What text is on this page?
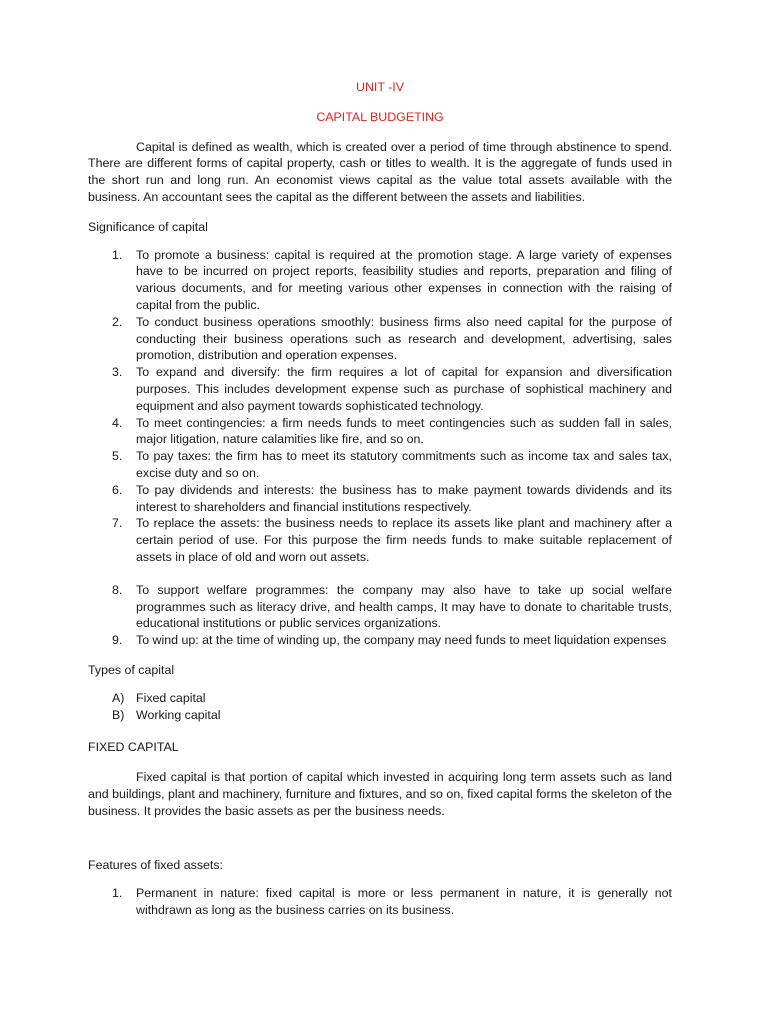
UNIT -IV

CAPITAL BUDGETING

Capital is defined as wealth, which is created over a period of time through abstinence to spend. There are different forms of capital property, cash or titles to wealth. It is the aggregate of funds used in the short run and long run. An economist views capital as the value total assets available with the business. An accountant sees the capital as the different between the assets and liabilities.

Significance of capital

1. To promote a business: capital is required at the promotion stage. A large variety of expenses have to be incurred on project reports, feasibility studies and reports, preparation and filing of various documents, and for meeting various other expenses in connection with the raising of capital from the public.
2. To conduct business operations smoothly: business firms also need capital for the purpose of conducting their business operations such as research and development, advertising, sales promotion, distribution and operation expenses.
3. To expand and diversify: the firm requires a lot of capital for expansion and diversification purposes. This includes development expense such as purchase of sophistical machinery and equipment and also payment towards sophisticated technology.
4. To meet contingencies: a firm needs funds to meet contingencies such as sudden fall in sales, major litigation, nature calamities like fire, and so on.
5. To pay taxes: the firm has to meet its statutory commitments such as income tax and sales tax, excise duty and so on.
6. To pay dividends and interests: the business has to make payment towards dividends and its interest to shareholders and financial institutions respectively.
7. To replace the assets: the business needs to replace its assets like plant and machinery after a certain period of use. For this purpose the firm needs funds to make suitable replacement of assets in place of old and worn out assets.
8. To support welfare programmes: the company may also have to take up social welfare programmes such as literacy drive, and health camps, It may have to donate to charitable trusts, educational institutions or public services organizations.
9. To wind up: at the time of winding up, the company may need funds to meet liquidation expenses

Types of capital

A) Fixed capital
B) Working capital

FIXED CAPITAL

Fixed capital is that portion of capital which invested in acquiring long term assets such as land and buildings, plant and machinery, furniture and fixtures, and so on, fixed capital forms the skeleton of the business. It provides the basic assets as per the business needs.

Features of fixed assets:

1. Permanent in nature: fixed capital is more or less permanent in nature, it is generally not withdrawn as long as the business carries on its business.
